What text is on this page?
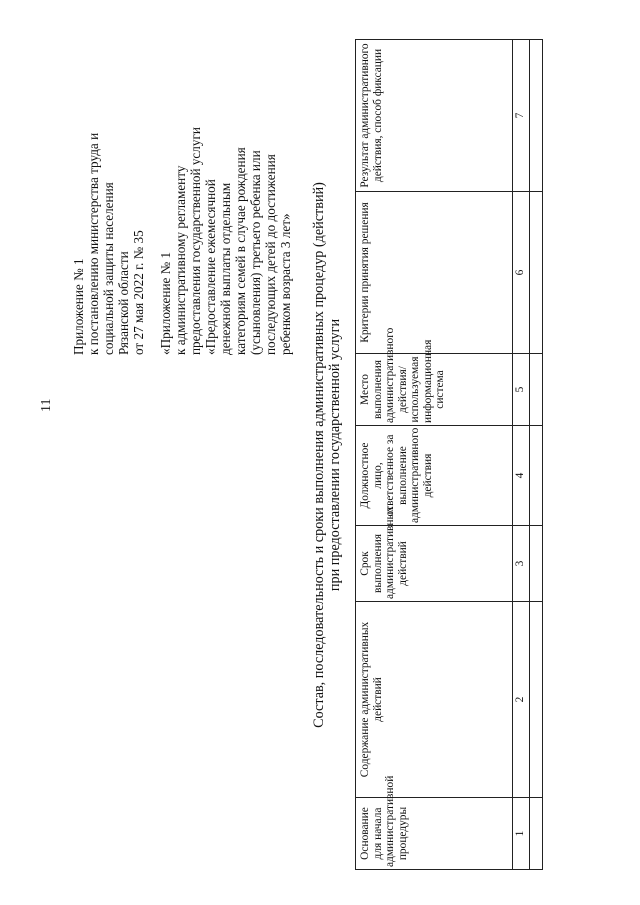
11
Приложение № 1 к постановлению министерства труда и социальной защиты населения Рязанской области от 27 мая 2022 г. № 35 «Приложение № 1 к административному регламенту предоставления государственной услуги «Предоставление ежемесячной денежной выплаты отдельным категориям семей в случае рождения (усыновления) третьего ребенка или последующих детей до достижения ребенком возраста 3 лет» Состав, последовательность и сроки выполнения административных процедур (действий) при предоставлении государственной услуги
Основание для начала административной процедуры	Содержание административных действий	Срок выполнения административных действий	Должностное лицо, ответственное за выполнение административного действия	Место выполнения административного действия/используемая информационная система	Критерии принятия решения	Результат административного действия, способ фиксации
1	2	3	4	5	6	7
